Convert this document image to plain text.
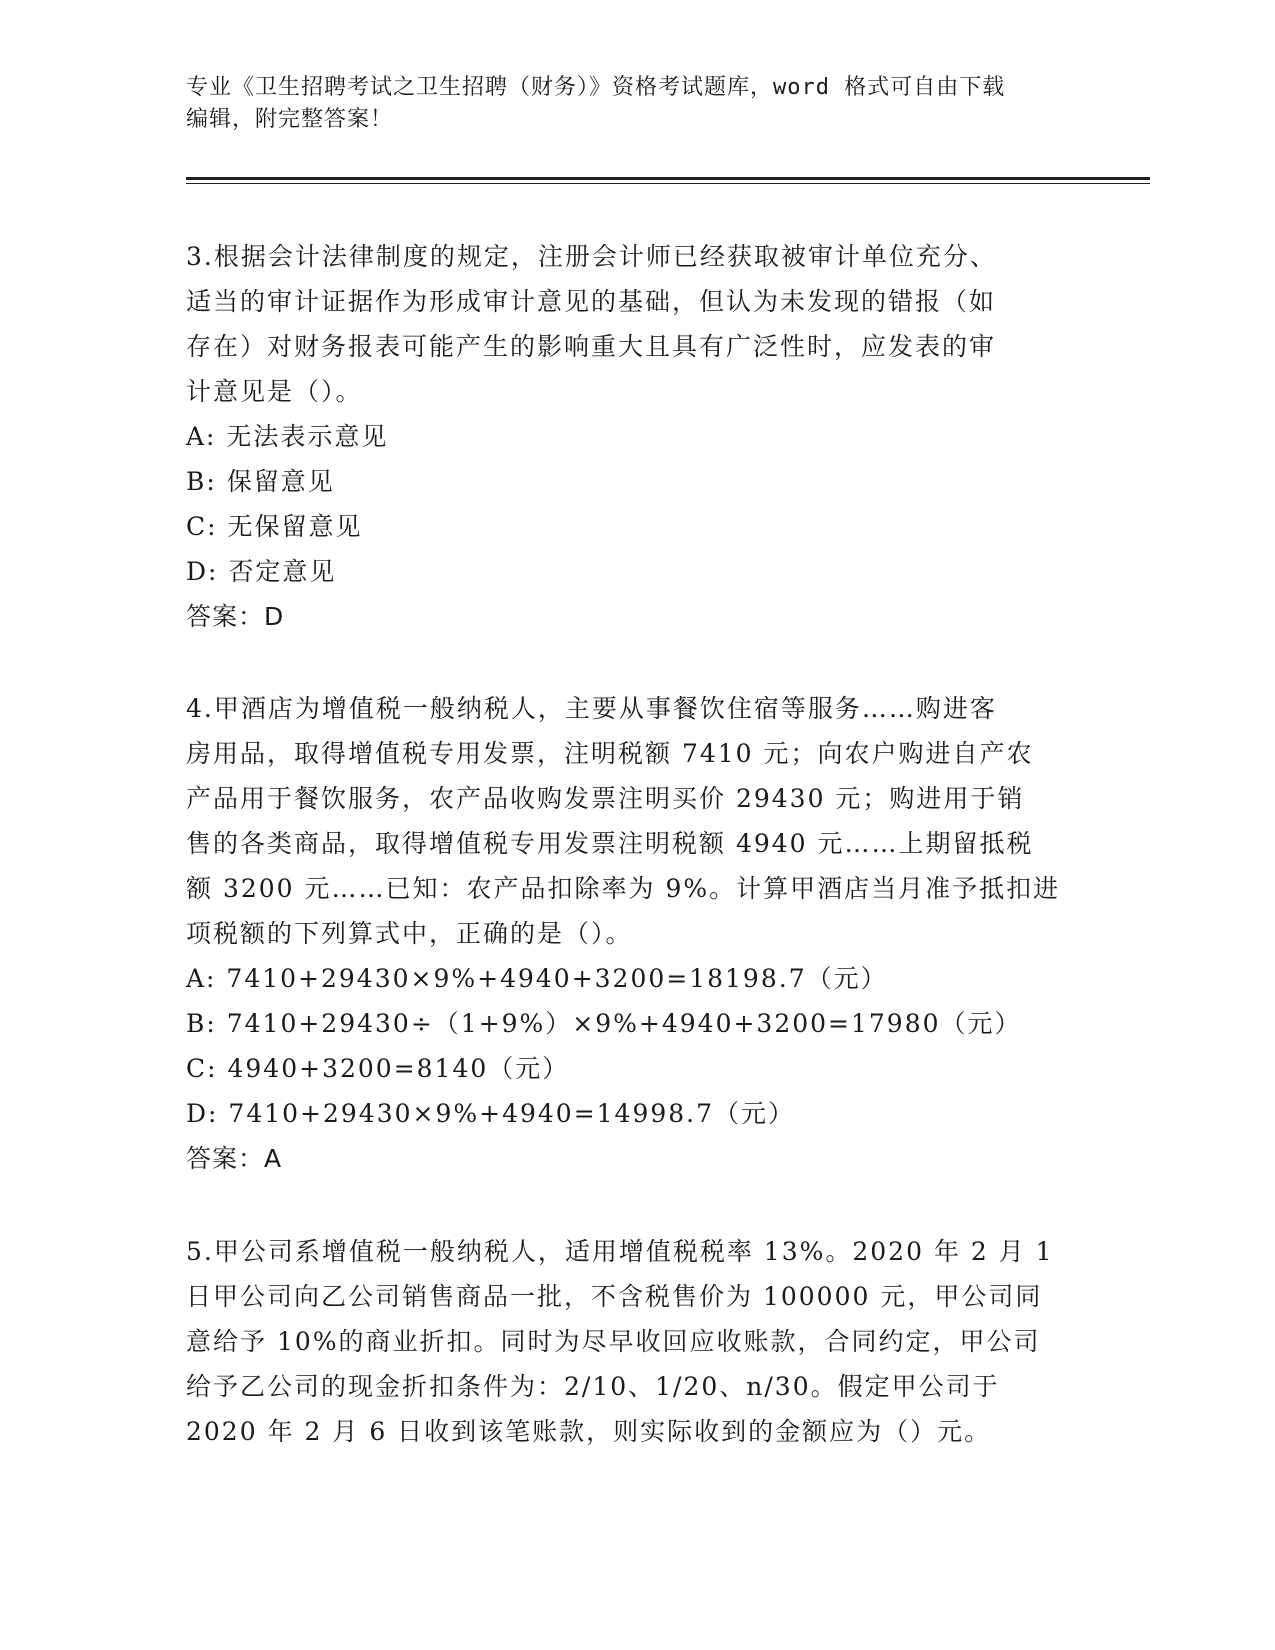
专业《卫生招聘考试之卫生招聘（财务）》资格考试题库，word 格式可自由下载
编辑，附完整答案！
3.根据会计法律制度的规定，注册会计师已经获取被审计单位充分、
适当的审计证据作为形成审计意见的基础，但认为未发现的错报（如
存在）对财务报表可能产生的影响重大且具有广泛性时，应发表的审
计意见是（）。
A: 无法表示意见
B: 保留意见
C: 无保留意见
D: 否定意见
答案：D
4.甲酒店为增值税一般纳税人，主要从事餐饮住宿等服务……购进客
房用品，取得增值税专用发票，注明税额 7410 元；向农户购进自产农
产品用于餐饮服务，农产品收购发票注明买价 29430 元；购进用于销
售的各类商品，取得增值税专用发票注明税额 4940 元……上期留抵税
额 3200 元……已知：农产品扣除率为 9%。计算甲酒店当月准予抵扣进
项税额的下列算式中，正确的是（）。
A: 7410+29430×9%+4940+3200=18198.7（元）
B: 7410+29430÷（1+9%）×9%+4940+3200=17980（元）
C: 4940+3200=8140（元）
D: 7410+29430×9%+4940=14998.7（元）
答案：A
5.甲公司系增值税一般纳税人，适用增值税税率 13%。2020 年 2 月 1
日甲公司向乙公司销售商品一批，不含税售价为 100000 元，甲公司同
意给予 10%的商业折扣。同时为尽早收回应收账款，合同约定，甲公司
给予乙公司的现金折扣条件为：2/10、1/20、n/30。假定甲公司于
2020 年 2 月 6 日收到该笔账款，则实际收到的金额应为（）元。
